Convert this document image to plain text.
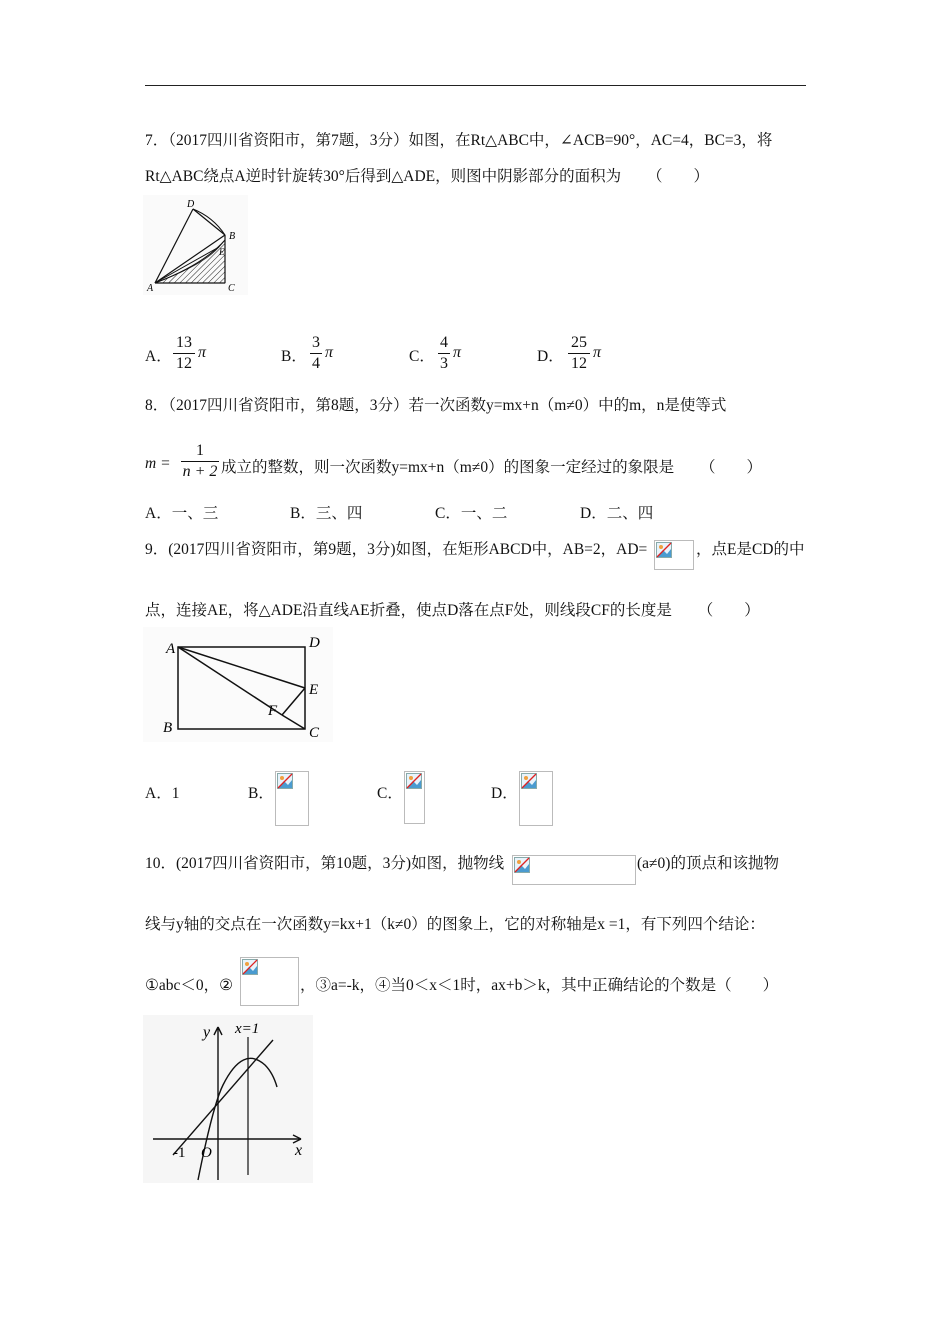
7．（2017四川省资阳市，第7题，3分）如图，在Rt△ABC中，∠ACB=90°，AC=4，BC=3，将
Rt△ABC绕点A逆时针旋转30°后得到△ADE，则图中阴影部分的面积为 （　　）
D
B
E
A	C
A．
13
12
π	B．
3
4
π	C．
4
3
π	D．
25
12
π
8．（2017四川省资阳市，第8题，3分）若一次函数y=mx+n（m≠0）中的m，n是使等式
m =
1
n + 2 成立的整数，则一次函数y=mx+n（m≠0）的图象一定经过的象限是 （　　）
A．一、三	B．三、四	C．一、二	D．二、四
9．(2017四川省资阳市，第9题，3分)如图，在矩形ABCD中，AB=2，AD=	，点E是CD的中
点，连接AE，将△ADE沿直线AE折叠，使点D落在点F处，则线段CF的长度是 （　　）
A	D
E
F
B	C
A．1	B．	C．	D．
10．(2017四川省资阳市，第10题，3分)如图，抛物线	(a≠0)的顶点和该抛物
线与y轴的交点在一次函数y=kx+1（k≠0）的图象上，它的对称轴是x =1，有下列四个结论：
①abc＜0，②	，③a=-k，④当0＜x＜1时，ax+b＞k，其中正确结论的个数是（　　）
y x=1
-1 O	x
